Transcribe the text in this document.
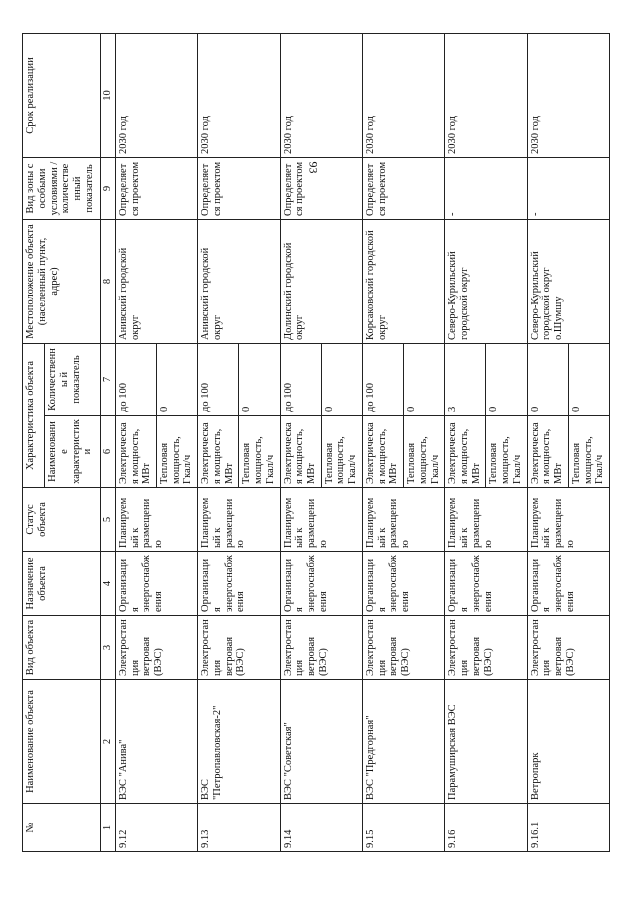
93
№	Наименование объекта	Вид объекта	Назначение объекта	Статус объекта	Характеристика объекта		Местоположение объекта (населенный пункт, адрес)	Вид зоны с особыми условиями / количественный показатель	Срок реализации
					Наименование характеристики	Количественны й показатель			
1	2	3	4	5	6	7	8	9	10
9.12	ВЭС "Анива"	Электростанция ветровая (ВЭС)	Организация энергоснабжения	Планируемый к размещению	Электрическая мощность, МВт	до 100	Анивский городской округ	Определяется проектом	2030 год
					Тепловая мощность, Гкал/ч	0			
9.13	ВЭС "Петропавловская-2"	Электростанция ветровая (ВЭС)	Организация энергоснабжения	Планируемый к размещению	Электрическая мощность, МВт	до 100	Анивский городской округ	Определяется проектом	2030 год
					Тепловая мощность, Гкал/ч	0			
9.14	ВЭС "Советская"	Электростанция ветровая (ВЭС)	Организация энергоснабжения	Планируемый к размещению	Электрическая мощность, МВт	до 100	Долинский городской округ	Определяется проектом	2030 год
					Тепловая мощность, Гкал/ч	0			
9.15	ВЭС "Предгорная"	Электростанция ветровая (ВЭС)	Организация энергоснабжения	Планируемый к размещению	Электрическая мощность, МВт	до 100	Корсаковский городской округ	Определяется проектом	2030 год
					Тепловая мощность, Гкал/ч	0			
9.16	Парамуширская ВЭС	Электростанция ветровая (ВЭС)	Организация энергоснабжения	Планируемый к размещению	Электрическая мощность, МВт	3	Северо-Курильский городской округ	-	2030 год
					Тепловая мощность, Гкал/ч	0			
9.16.1	Ветропарк	Электростанция ветровая (ВЭС)	Организация энергоснабжения	Планируемый к размещению	Электрическая мощность, МВт	0	Северо-Курильский городской округ о.Шумшу	-	2030 год
					Тепловая мощность, Гкал/ч	0			
